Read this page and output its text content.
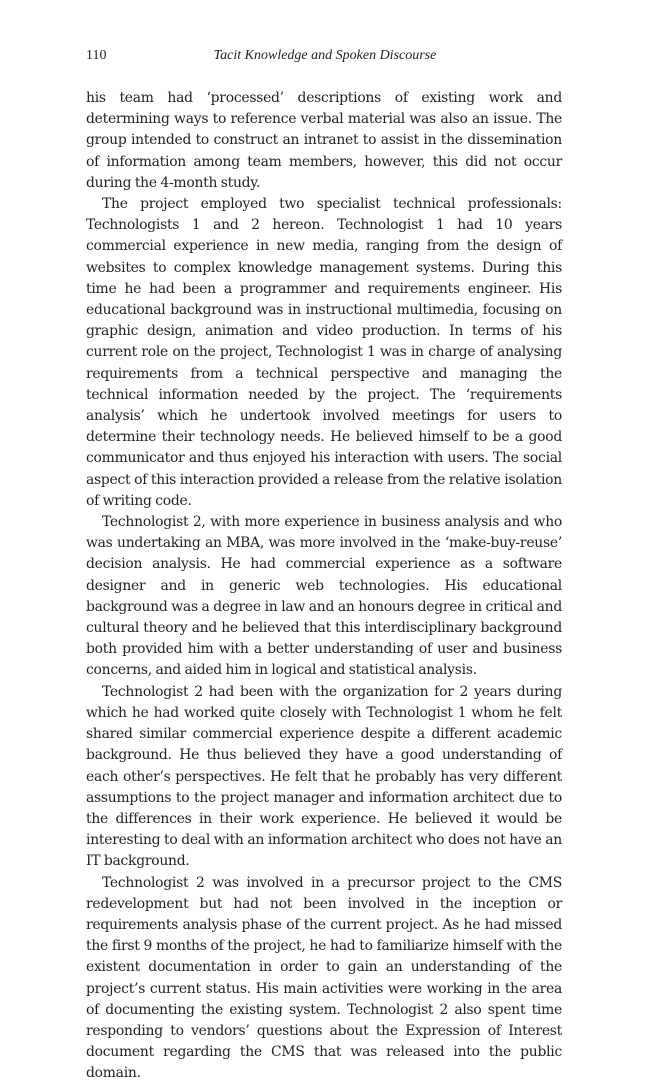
110	Tacit Knowledge and Spoken Discourse

his team had ‘processed’ descriptions of existing work and determining ways to reference verbal material was also an issue. The group intended to construct an intranet to assist in the dissemination of information among team members, however, this did not occur during the 4-month study.

The project employed two specialist technical professionals: Technologists 1 and 2 hereon. Technologist 1 had 10 years commercial experience in new media, ranging from the design of websites to complex knowledge management systems. During this time he had been a programmer and requirements engineer. His educational background was in instructional multimedia, focusing on graphic design, animation and video production. In terms of his current role on the project, Technologist 1 was in charge of analysing requirements from a technical perspective and managing the technical information needed by the project. The ‘requirements analysis’ which he undertook involved meetings for users to determine their technology needs. He believed himself to be a good communicator and thus enjoyed his interaction with users. The social aspect of this interaction provided a release from the relative isolation of writing code.

Technologist 2, with more experience in business analysis and who was undertaking an MBA, was more involved in the ‘make-buy-reuse’ decision analysis. He had commercial experience as a software designer and in generic web technologies. His educational background was a degree in law and an honours degree in critical and cultural theory and he believed that this interdisciplinary background both provided him with a better understanding of user and business concerns, and aided him in logical and statistical analysis.

Technologist 2 had been with the organization for 2 years during which he had worked quite closely with Technologist 1 whom he felt shared similar commercial experience despite a different academic background. He thus believed they have a good understanding of each other’s perspectives. He felt that he probably has very different assumptions to the project manager and information architect due to the differences in their work experience. He believed it would be interesting to deal with an information architect who does not have an IT background.

Technologist 2 was involved in a precursor project to the CMS redevelopment but had not been involved in the inception or requirements analysis phase of the current project. As he had missed the first 9 months of the project, he had to familiarize himself with the existent documentation in order to gain an understanding of the project’s current status. His main activities were working in the area of documenting the existing system. Technologist 2 also spent time responding to vendors’ questions about the Expression of Interest document regarding the CMS that was released into the public domain.
